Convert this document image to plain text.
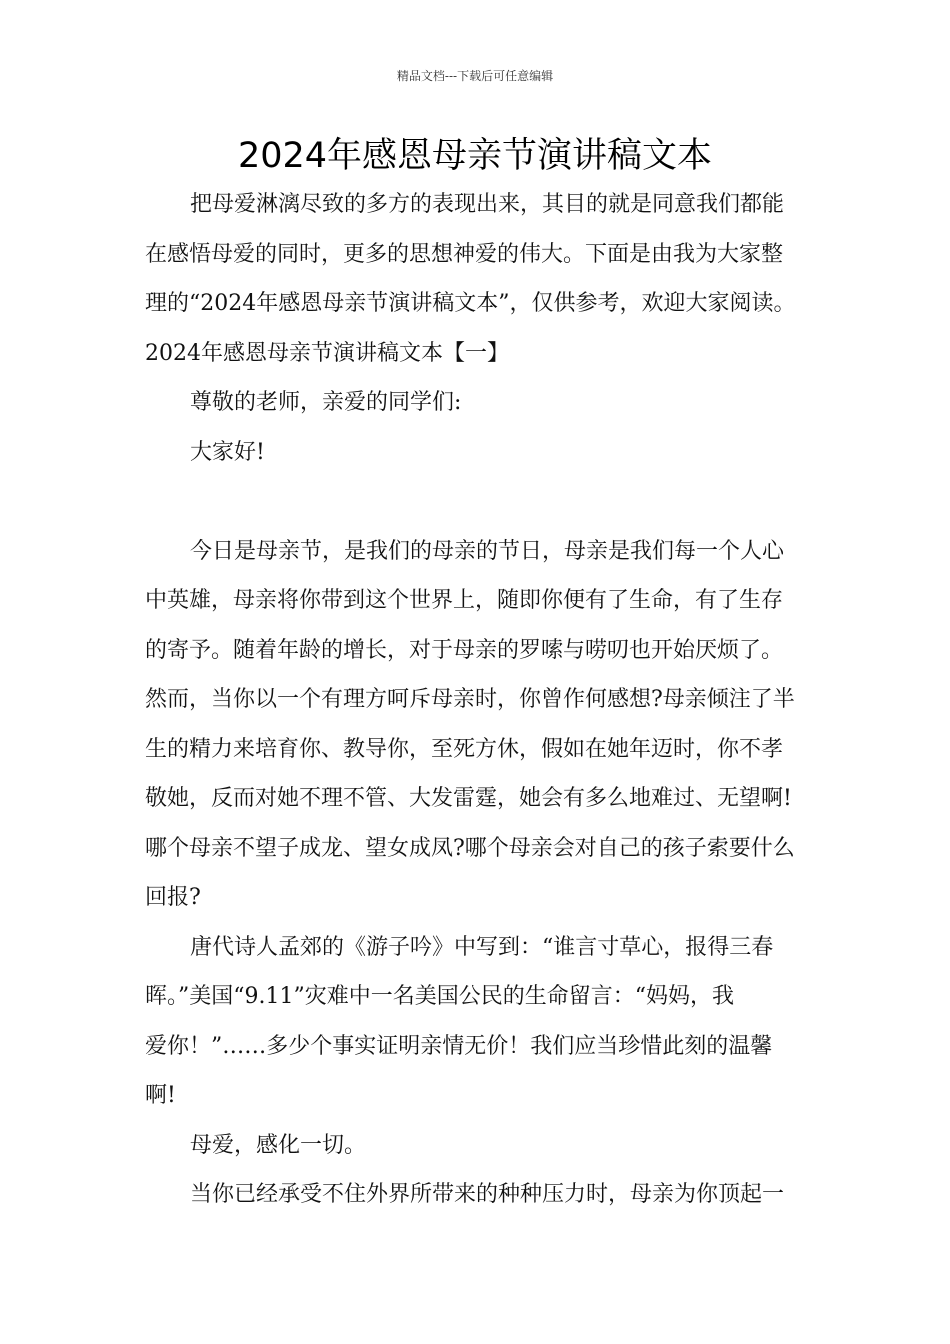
精品文档---下载后可任意编辑
2024年感恩母亲节演讲稿文本
把母爱淋漓尽致的多方的表现出来，其目的就是同意我们都能
在感悟母爱的同时，更多的思想神爱的伟大。下面是由我为大家整
理的“2024年感恩母亲节演讲稿文本”，仅供参考，欢迎大家阅读。
2024年感恩母亲节演讲稿文本【一】
尊敬的老师，亲爱的同学们:
大家好!
今日是母亲节，是我们的母亲的节日，母亲是我们每一个人心
中英雄，母亲将你带到这个世界上，随即你便有了生命，有了生存
的寄予。随着年龄的增长，对于母亲的罗嗦与唠叨也开始厌烦了。
然而，当你以一个有理方呵斥母亲时，你曾作何感想?母亲倾注了半
生的精力来培育你、教导你，至死方休，假如在她年迈时，你不孝
敬她，反而对她不理不管、大发雷霆，她会有多么地难过、无望啊!
哪个母亲不望子成龙、望女成凤?哪个母亲会对自己的孩子索要什么
回报?
唐代诗人孟郊的《游子吟》中写到：“谁言寸草心，报得三春
晖。”美国“9.11”灾难中一名美国公民的生命留言：“妈妈，我
爱你！”……多少个事实证明亲情无价！我们应当珍惜此刻的温馨
啊!
母爱，感化一切。
当你已经承受不住外界所带来的种种压力时，母亲为你顶起一
